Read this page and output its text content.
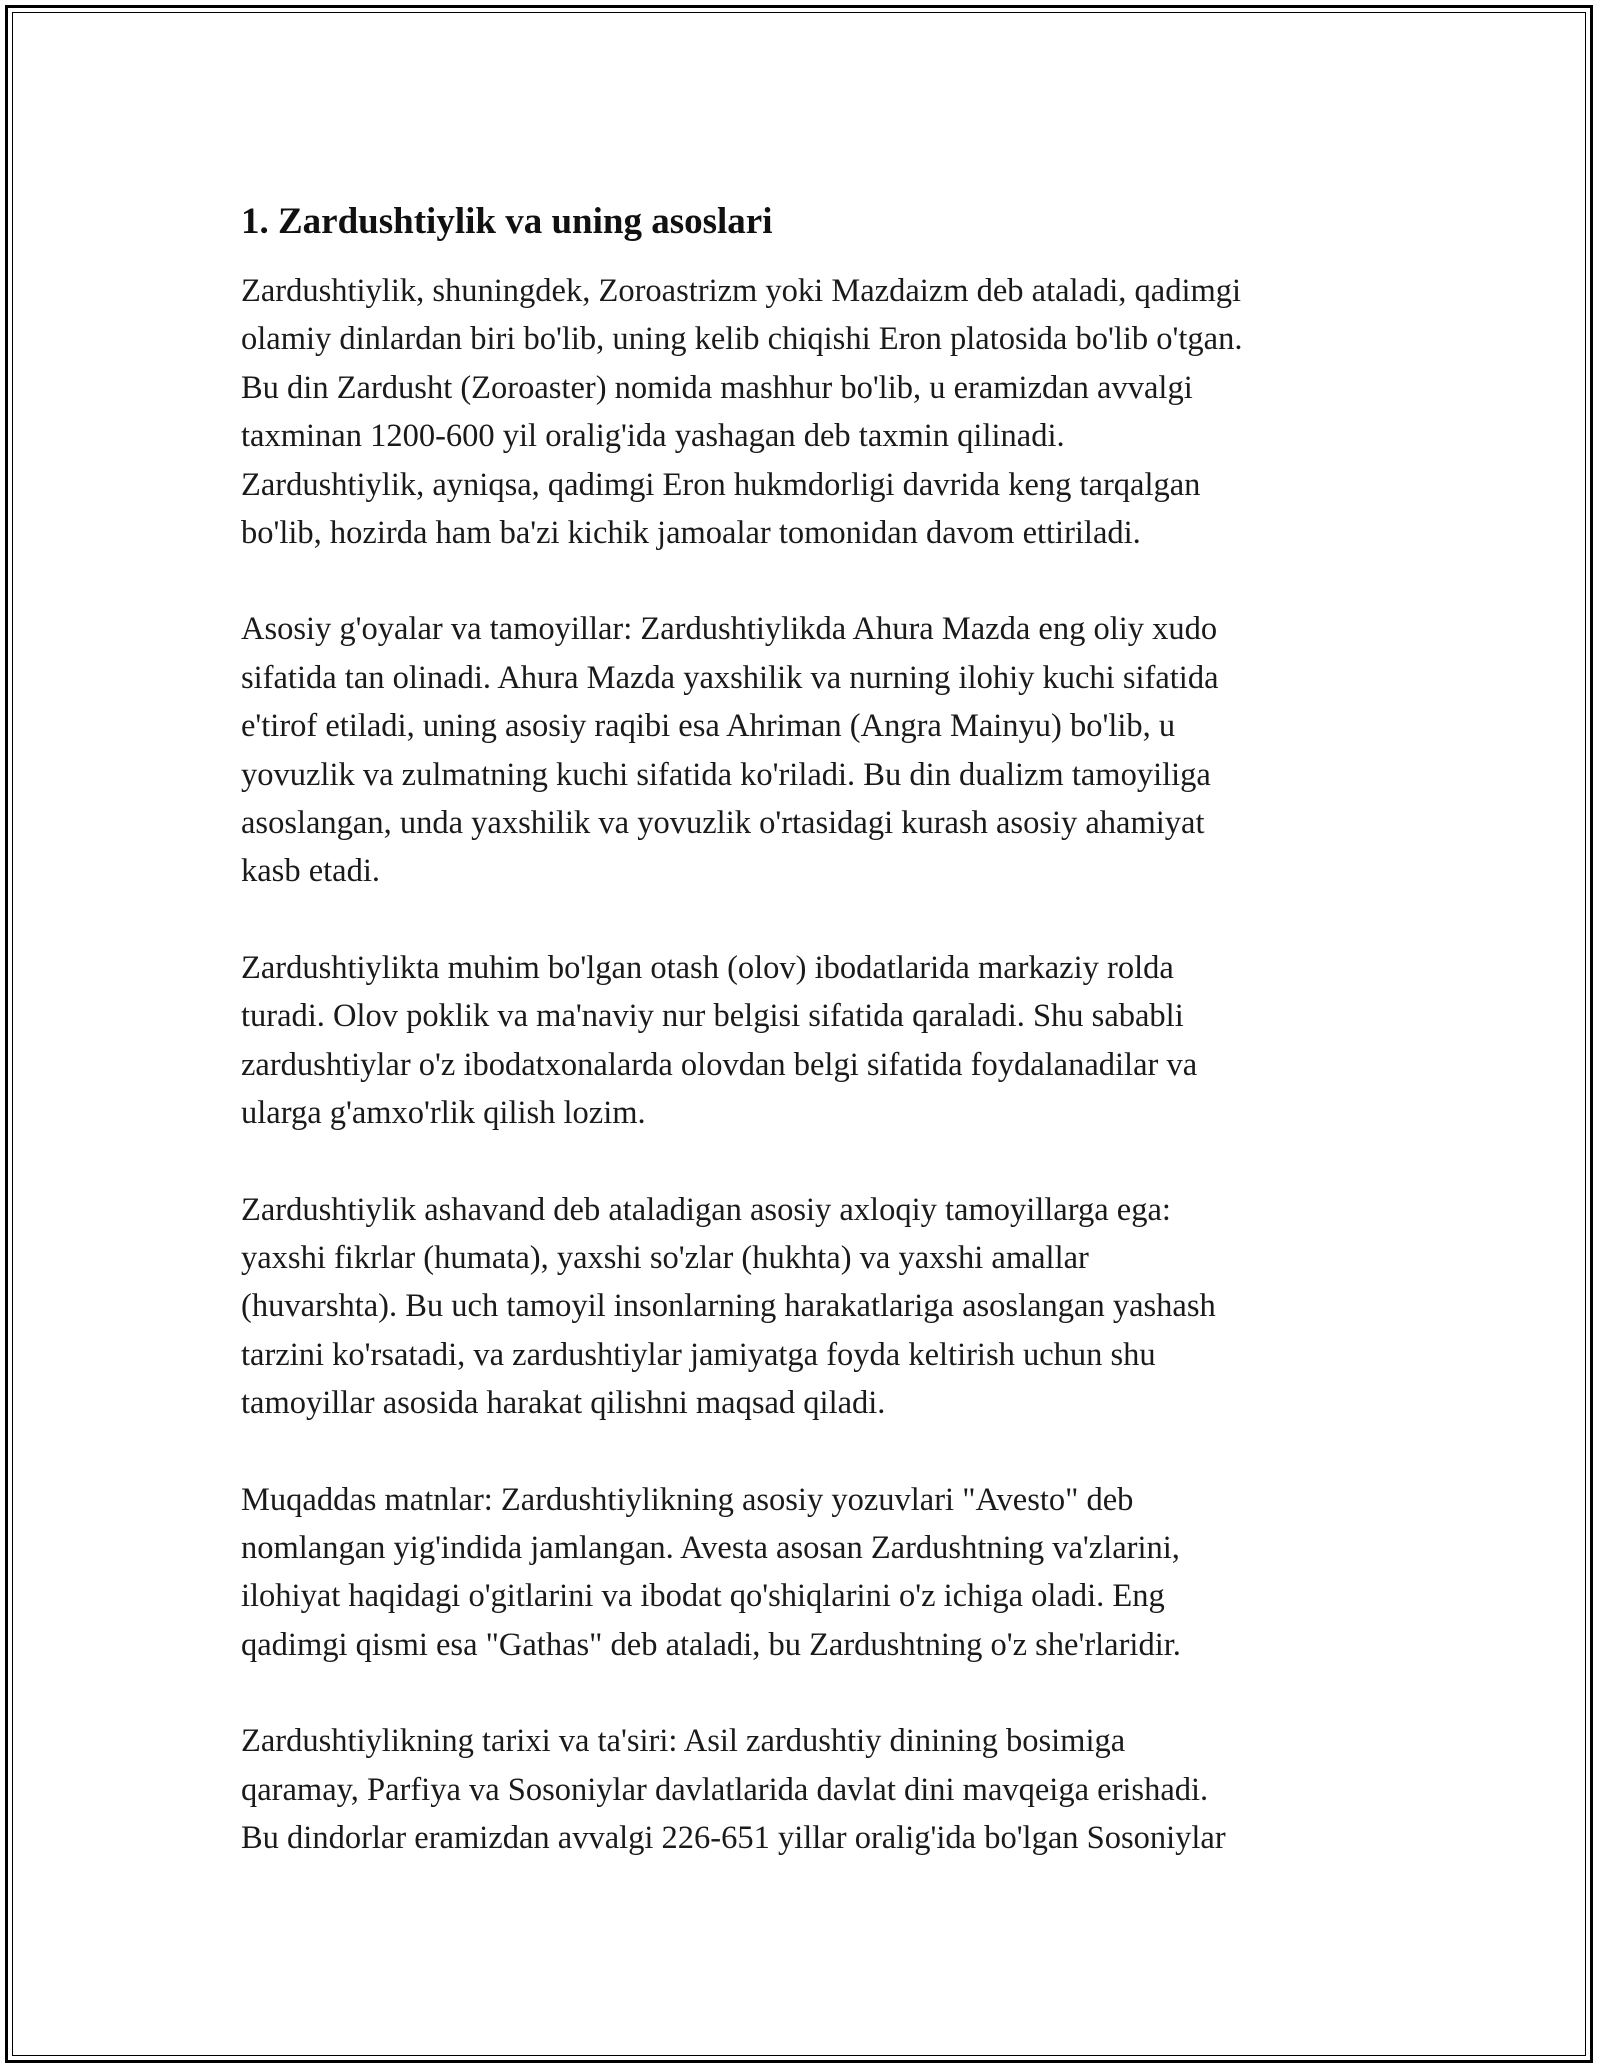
1. Zardushtiylik va uning asoslari

Zardushtiylik, shuningdek, Zoroastrizm yoki Mazdaizm deb ataladi, qadimgi
olamiy dinlardan biri bo'lib, uning kelib chiqishi Eron platosida bo'lib o'tgan.
Bu din Zardusht (Zoroaster) nomida mashhur bo'lib, u eramizdan avvalgi
taxminan 1200-600 yil oralig'ida yashagan deb taxmin qilinadi.
Zardushtiylik, ayniqsa, qadimgi Eron hukmdorligi davrida keng tarqalgan
bo'lib, hozirda ham ba'zi kichik jamoalar tomonidan davom ettiriladi.

Asosiy g'oyalar va tamoyillar: Zardushtiylikda Ahura Mazda eng oliy xudo
sifatida tan olinadi. Ahura Mazda yaxshilik va nurning ilohiy kuchi sifatida
e'tirof etiladi, uning asosiy raqibi esa Ahriman (Angra Mainyu) bo'lib, u
yovuzlik va zulmatning kuchi sifatida ko'riladi. Bu din dualizm tamoyiliga
asoslangan, unda yaxshilik va yovuzlik o'rtasidagi kurash asosiy ahamiyat
kasb etadi.

Zardushtiylikta muhim bo'lgan otash (olov) ibodatlarida markaziy rolda
turadi. Olov poklik va ma'naviy nur belgisi sifatida qaraladi. Shu sababli
zardushtiylar o'z ibodatxonalarda olovdan belgi sifatida foydalanadilar va
ularga g'amxo'rlik qilish lozim.

Zardushtiylik ashavand deb ataladigan asosiy axloqiy tamoyillarga ega:
yaxshi fikrlar (humata), yaxshi so'zlar (hukhta) va yaxshi amallar
(huvarshta). Bu uch tamoyil insonlarning harakatlariga asoslangan yashash
tarzini ko'rsatadi, va zardushtiylar jamiyatga foyda keltirish uchun shu
tamoyillar asosida harakat qilishni maqsad qiladi.

Muqaddas matnlar: Zardushtiylikning asosiy yozuvlari "Avesto" deb
nomlangan yig'indida jamlangan. Avesta asosan Zardushtning va'zlarini,
ilohiyat haqidagi o'gitlarini va ibodat qo'shiqlarini o'z ichiga oladi. Eng
qadimgi qismi esa "Gathas" deb ataladi, bu Zardushtning o'z she'rlaridir.

Zardushtiylikning tarixi va ta'siri: Asil zardushtiy dinining bosimiga
qaramay, Parfiya va Sosoniylar davlatlarida davlat dini mavqeiga erishadi.
Bu dindorlar eramizdan avvalgi 226-651 yillar oralig'ida bo'lgan Sosoniylar
